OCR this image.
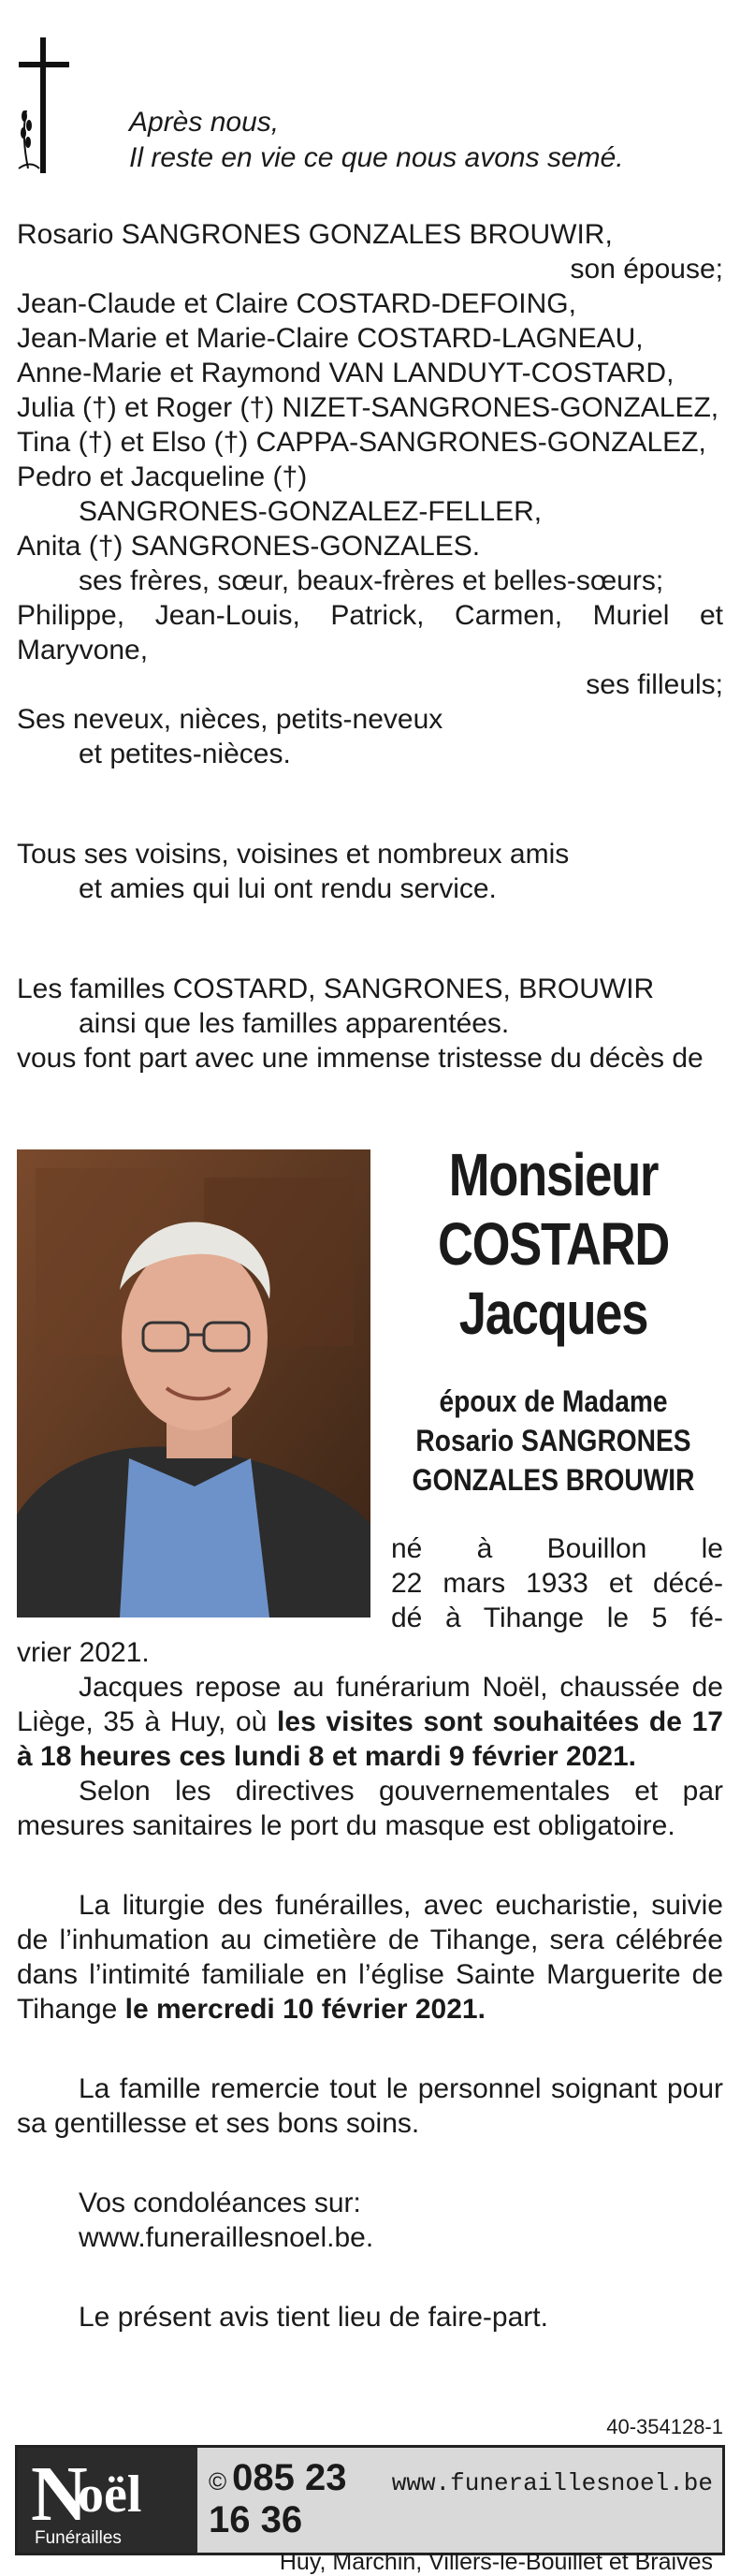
Après nous,
Il reste en vie ce que nous avons semé.

Rosario SANGRONES GONZALES BROUWIR,

son épouse;

Jean-Claude et Claire COSTARD-DEFOING,

Jean-Marie et Marie-Claire COSTARD-LAGNEAU,

Anne-Marie et Raymond VAN LANDUYT-COSTARD,

Julia (†) et Roger (†) NIZET-SANGRONES-GONZALEZ,

Tina (†) et Elso (†) CAPPA-SANGRONES-GONZALEZ,

Pedro et Jacqueline (†)

SANGRONES-GONZALEZ-FELLER,

Anita (†) SANGRONES-GONZALES.

ses frères, sœur, beaux-frères et belles-sœurs;

Philippe, Jean-Louis, Patrick, Carmen, Muriel et Maryvone,

ses filleuls;

Ses neveux, nièces, petits-neveux

et petites-nièces.

Tous ses voisins, voisines et nombreux amis

et amies qui lui ont rendu service.

Les familles COSTARD, SANGRONES, BROUWIR

ainsi que les familles apparentées.

vous font part avec une immense tristesse du décès de

Monsieur
COSTARD
Jacques
époux de Madame
Rosario SANGRONES
GONZALES BROUWIR

né à Bouillon le

22 mars 1933 et décé-

dé à Tihange le 5 fé-

vrier 2021.

Jacques repose au funérarium Noël, chaussée de Liège, 35 à Huy, où les visites sont souhaitées de 17 à 18 heures ces lundi 8 et mardi 9 février 2021.

Selon les directives gouvernementales et par mesures sanitaires le port du masque est obligatoire.

La liturgie des funérailles, avec eucharistie, suivie de l’inhumation au cimetière de Tihange, sera célébrée dans l’intimité familiale en l’église Sainte Marguerite de Tihange le mercredi 10 février 2021.

La famille remercie tout le personnel soignant pour sa gentillesse et ses bons soins.

Vos condoléances sur:

www.funeraillesnoel.be.

Le présent avis tient lieu de faire-part.

40-354128-1
N
oël
Funérailles
© 085 23 16 36
www.funeraillesnoel.be
Huy, Marchin, Villers-le-Bouillet et Braives
